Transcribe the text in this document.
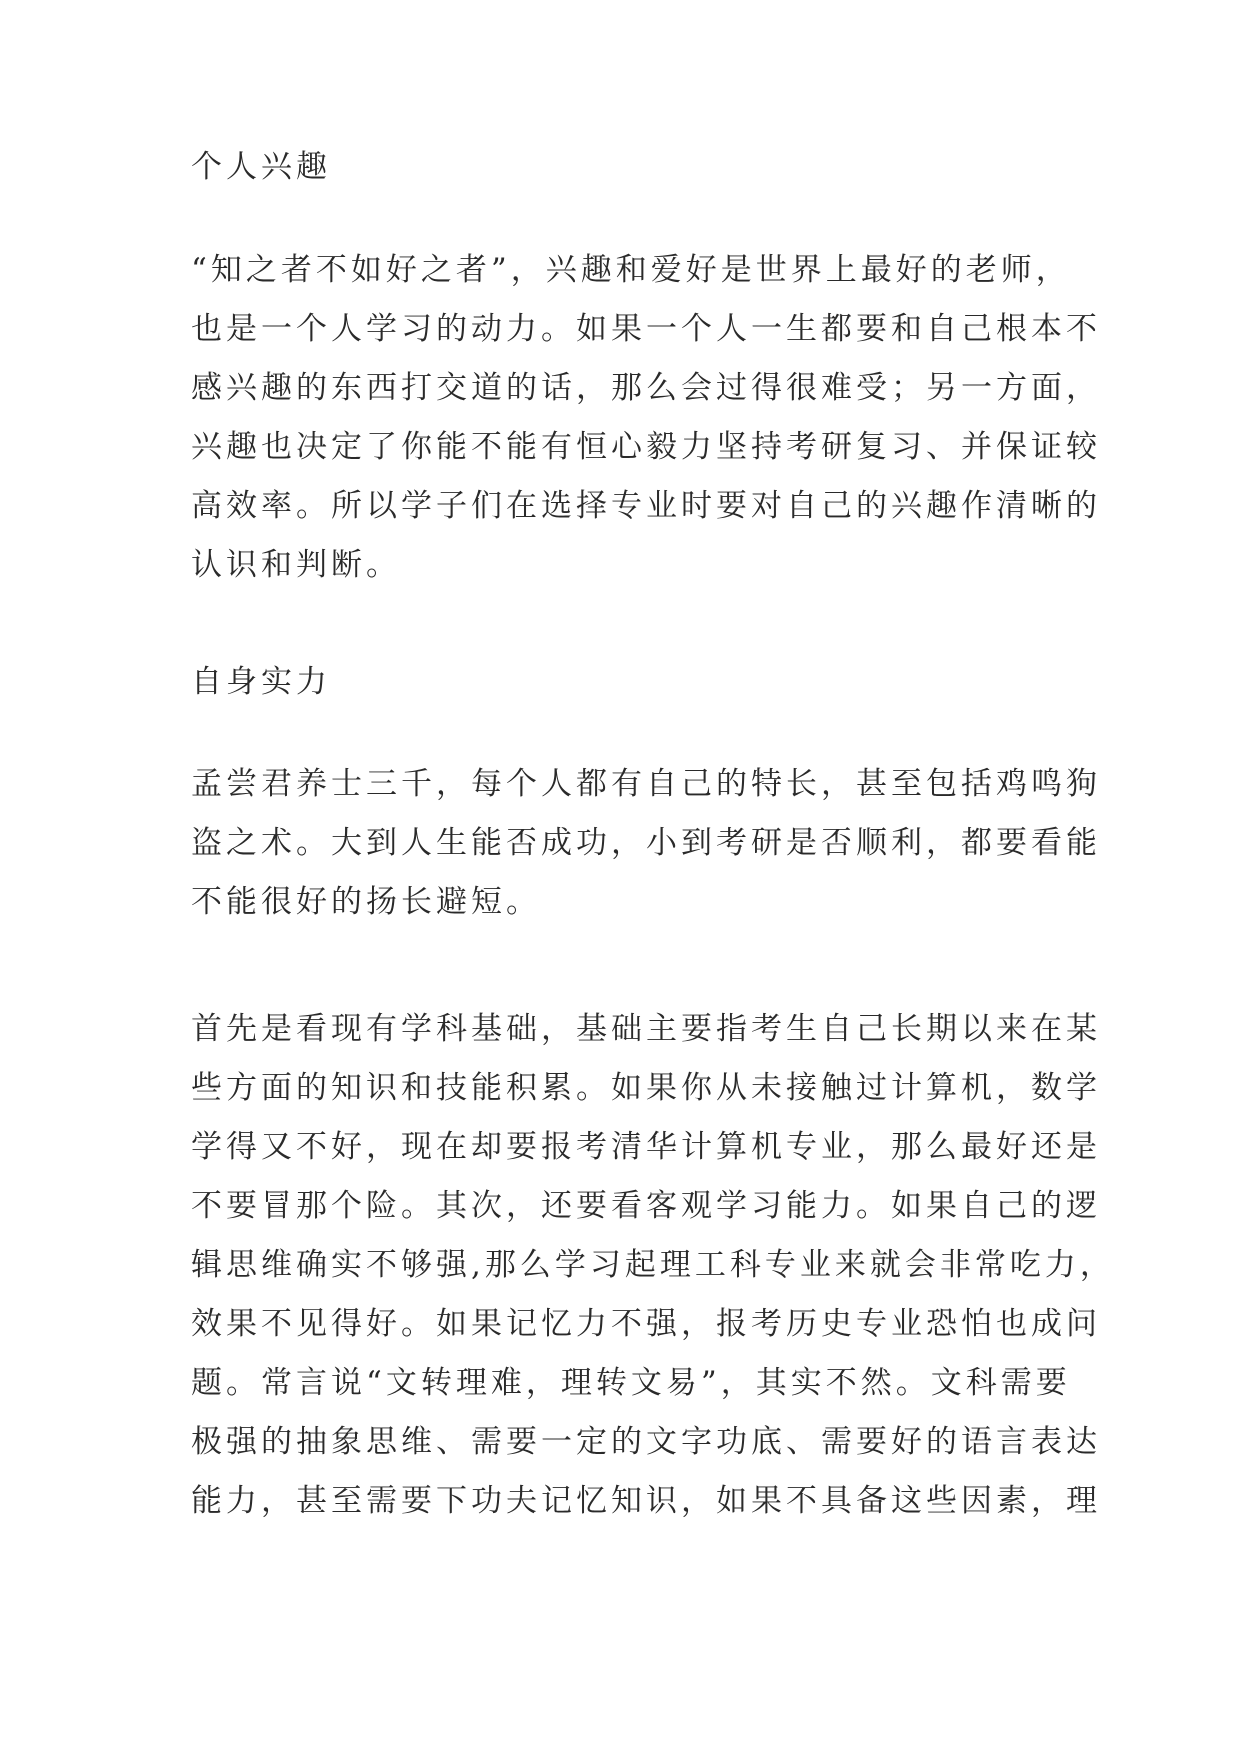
个人兴趣
“知之者不如好之者”，兴趣和爱好是世界上最好的老师，
也是一个人学习的动力。如果一个人一生都要和自己根本不
感兴趣的东西打交道的话，那么会过得很难受；另一方面，
兴趣也决定了你能不能有恒心毅力坚持考研复习、并保证较
高效率。所以学子们在选择专业时要对自己的兴趣作清晰的
认识和判断。
自身实力
孟尝君养士三千，每个人都有自己的特长，甚至包括鸡鸣狗
盗之术。大到人生能否成功，小到考研是否顺利，都要看能
不能很好的扬长避短。
首先是看现有学科基础，基础主要指考生自己长期以来在某
些方面的知识和技能积累。如果你从未接触过计算机，数学
学得又不好，现在却要报考清华计算机专业，那么最好还是
不要冒那个险。其次，还要看客观学习能力。如果自己的逻
辑思维确实不够强,那么学习起理工科专业来就会非常吃力，
效果不见得好。如果记忆力不强，报考历史专业恐怕也成问
题。常言说“文转理难，理转文易”，其实不然。文科需要
极强的抽象思维、需要一定的文字功底、需要好的语言表达
能力，甚至需要下功夫记忆知识，如果不具备这些因素，理
